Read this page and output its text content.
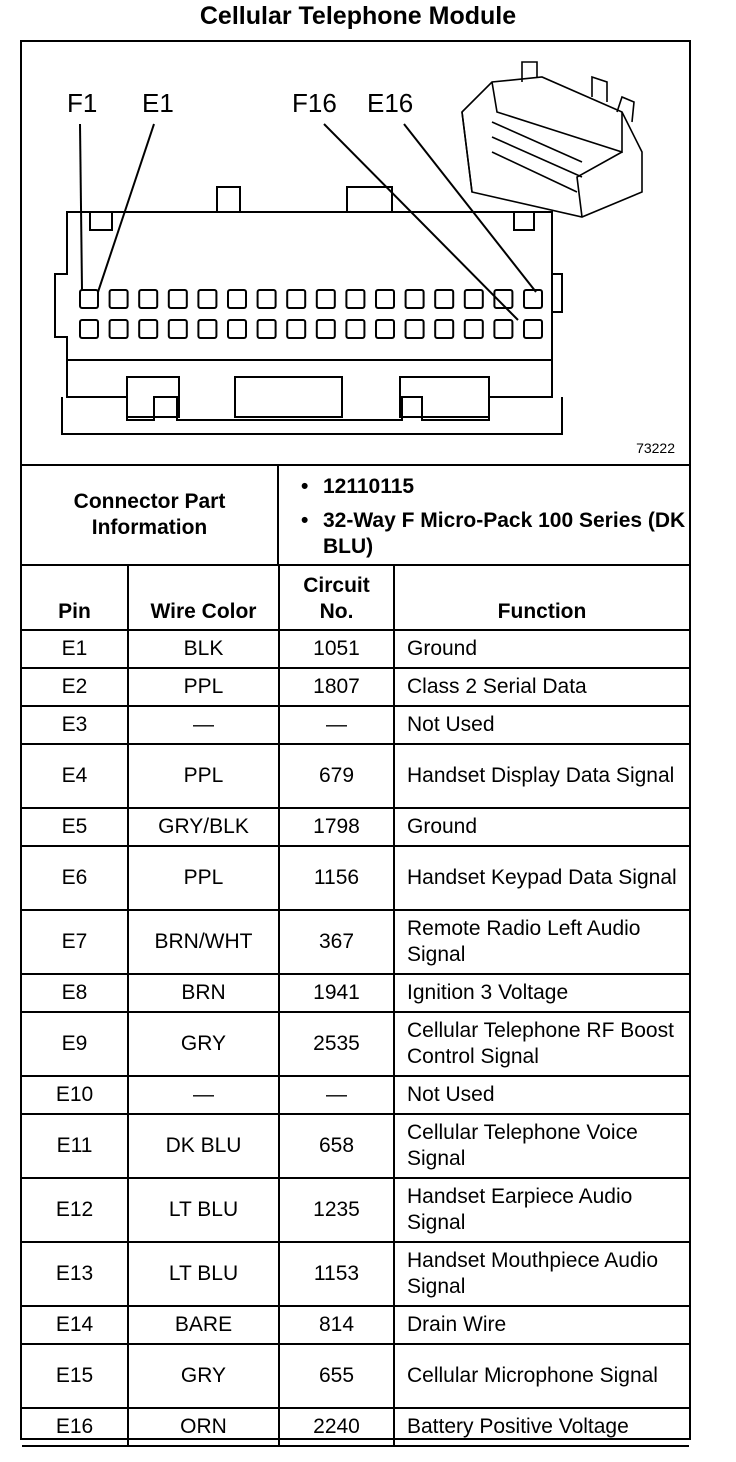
Cellular Telephone Module
F1 E1	F16 E16
73222
Connector Part Information
• 12110115
• 32-Way F Micro-Pack 100 Series (DK BLU)
Pin	Wire Color	Circuit No.	Function
E1	BLK	1051	Ground
E2	PPL	1807	Class 2 Serial Data
E3	—	—	Not Used
E4	PPL	679	Handset Display Data Signal
E5	GRY/BLK	1798	Ground
E6	PPL	1156	Handset Keypad Data Signal
E7	BRN/WHT	367	Remote Radio Left Audio Signal
E8	BRN	1941	Ignition 3 Voltage
E9	GRY	2535	Cellular Telephone RF Boost Control Signal
E10	—	—	Not Used
E11	DK BLU	658	Cellular Telephone Voice Signal
E12	LT BLU	1235	Handset Earpiece Audio Signal
E13	LT BLU	1153	Handset Mouthpiece Audio Signal
E14	BARE	814	Drain Wire
E15	GRY	655	Cellular Microphone Signal
E16	ORN	2240	Battery Positive Voltage
